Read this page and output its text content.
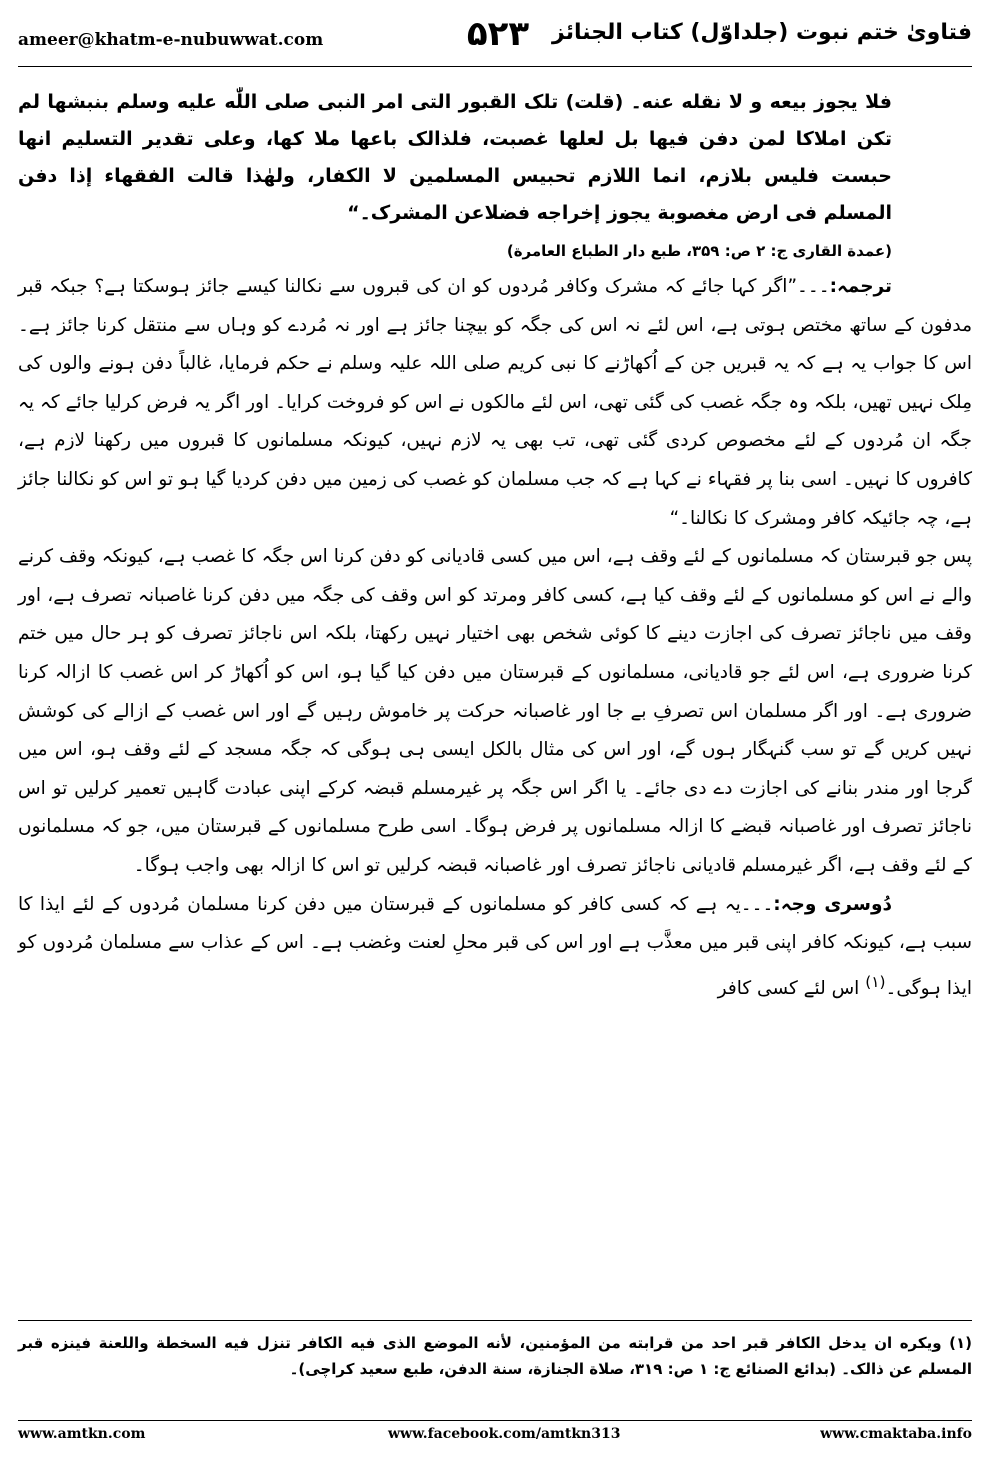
ameer@khatm-e-nubuwwat.com	۵۲۳	فتاویٰ ختم نبوت (جلداوّل) کتاب الجنائز

فلا یجوز بیعه و لا نقله عنه۔ (قلت) تلک القبور التی امر النبی صلی اللّٰه علیه وسلم بنبشها لم تکن املاکا لمن دفن فیها بل لعلها غصبت، فلذالک باعها ملا کها، وعلی تقدیر التسلیم انها حبست فلیس بلازم، انما اللازم تحبیس المسلمین لا الکفار، ولهٰذا قالت الفقهاء إذا دفن المسلم فی ارض مغصوبة یجوز إخراجه فضلاعن المشرک۔“

(عمدة القاری ج: ۲ ص: ۳۵۹، طبع دار الطباع العامرة)

ترجمہ:۔۔۔”اگر کہا جائے کہ مشرک وکافر مُردوں کو ان کی قبروں سے نکالنا کیسے جائز ہوسکتا ہے؟ جبکہ قبر مدفون کے ساتھ مختص ہوتی ہے، اس لئے نہ اس کی جگہ کو بیچنا جائز ہے اور نہ مُردے کو وہاں سے منتقل کرنا جائز ہے۔ اس کا جواب یہ ہے کہ یہ قبریں جن کے اُکھاڑنے کا نبی کریم صلی اللہ علیہ وسلم نے حکم فرمایا، غالباً دفن ہونے والوں کی مِلک نہیں تھیں، بلکہ وہ جگہ غصب کی گئی تھی، اس لئے مالکوں نے اس کو فروخت کرایا۔ اور اگر یہ فرض کرلیا جائے کہ یہ جگہ ان مُردوں کے لئے مخصوص کردی گئی تھی، تب بھی یہ لازم نہیں، کیونکہ مسلمانوں کا قبروں میں رکھنا لازم ہے، کافروں کا نہیں۔ اسی بنا پر فقہاء نے کہا ہے کہ جب مسلمان کو غصب کی زمین میں دفن کردیا گیا ہو تو اس کو نکالنا جائز ہے، چہ جائیکہ کافر ومشرک کا نکالنا۔“

پس جو قبرستان کہ مسلمانوں کے لئے وقف ہے، اس میں کسی قادیانی کو دفن کرنا اس جگہ کا غصب ہے، کیونکہ وقف کرنے والے نے اس کو مسلمانوں کے لئے وقف کیا ہے، کسی کافر ومرتد کو اس وقف کی جگہ میں دفن کرنا غاصبانہ تصرف ہے، اور وقف میں ناجائز تصرف کی اجازت دینے کا کوئی شخص بھی اختیار نہیں رکھتا، بلکہ اس ناجائز تصرف کو ہر حال میں ختم کرنا ضروری ہے، اس لئے جو قادیانی، مسلمانوں کے قبرستان میں دفن کیا گیا ہو، اس کو اُکھاڑ کر اس غصب کا ازالہ کرنا ضروری ہے۔ اور اگر مسلمان اس تصرفِ بے جا اور غاصبانہ حرکت پر خاموش رہیں گے اور اس غصب کے ازالے کی کوشش نہیں کریں گے تو سب گنہگار ہوں گے، اور اس کی مثال بالکل ایسی ہی ہوگی کہ جگہ مسجد کے لئے وقف ہو، اس میں گرجا اور مندر بنانے کی اجازت دے دی جائے۔ یا اگر اس جگہ پر غیرمسلم قبضہ کرکے اپنی عبادت گاہیں تعمیر کرلیں تو اس ناجائز تصرف اور غاصبانہ قبضے کا ازالہ مسلمانوں پر فرض ہوگا۔ اسی طرح مسلمانوں کے قبرستان میں، جو کہ مسلمانوں کے لئے وقف ہے، اگر غیرمسلم قادیانی ناجائز تصرف اور غاصبانہ قبضہ کرلیں تو اس کا ازالہ بھی واجب ہوگا۔

دُوسری وجہ:۔۔۔یہ ہے کہ کسی کافر کو مسلمانوں کے قبرستان میں دفن کرنا مسلمان مُردوں کے لئے ایذا کا سبب ہے، کیونکہ کافر اپنی قبر میں معذَّب ہے اور اس کی قبر محلِ لعنت وغضب ہے۔ اس کے عذاب سے مسلمان مُردوں کو ایذا ہوگی۔$^{(۱)}$ اس لئے کسی کافر

(۱) ویکره ان یدخل الکافر قبر احد من قرابته من المؤمنین، لأنه الموضع الذی فیه الکافر تنزل فیه السخطة واللعنة فینزه قبر المسلم عن ذالک۔ (بدائع الصنائع ج: ۱ ص: ۳۱۹، صلاة الجنازة، سنة الدفن، طبع سعید کراچی)۔
www.amtkn.com	www.facebook.com/amtkn313	www.cmaktaba.info
